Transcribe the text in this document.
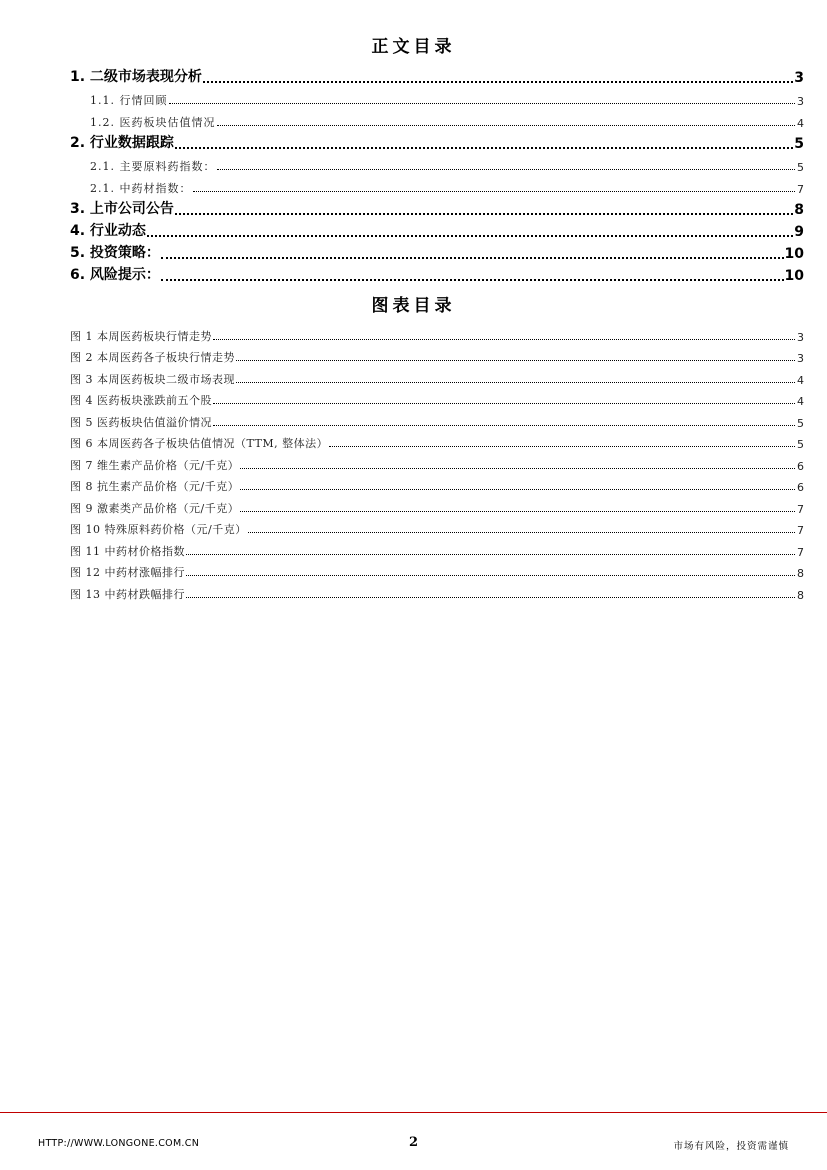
正文目录
1. 二级市场表现分析	3
1.1. 行情回顾	3
1.2. 医药板块估值情况	4
2. 行业数据跟踪	5
2.1. 主要原料药指数：	5
2.1. 中药材指数：	7
3. 上市公司公告	8
4. 行业动态	9
5. 投资策略：	10
6. 风险提示：	10
图表目录
图 1 本周医药板块行情走势	3
图 2 本周医药各子板块行情走势	3
图 3 本周医药板块二级市场表现	4
图 4 医药板块涨跌前五个股	4
图 5 医药板块估值溢价情况	5
图 6 本周医药各子板块估值情况（TTM, 整体法）	5
图 7 维生素产品价格（元/千克）	6
图 8 抗生素产品价格（元/千克）	6
图 9 激素类产品价格（元/千克）	7
图 10 特殊原料药价格（元/千克）	7
图 11 中药材价格指数	7
图 12 中药材涨幅排行	8
图 13 中药材跌幅排行	8
HTTP://WWW.LONGONE.COM.CN	2	市场有风险，投资需谨慎
